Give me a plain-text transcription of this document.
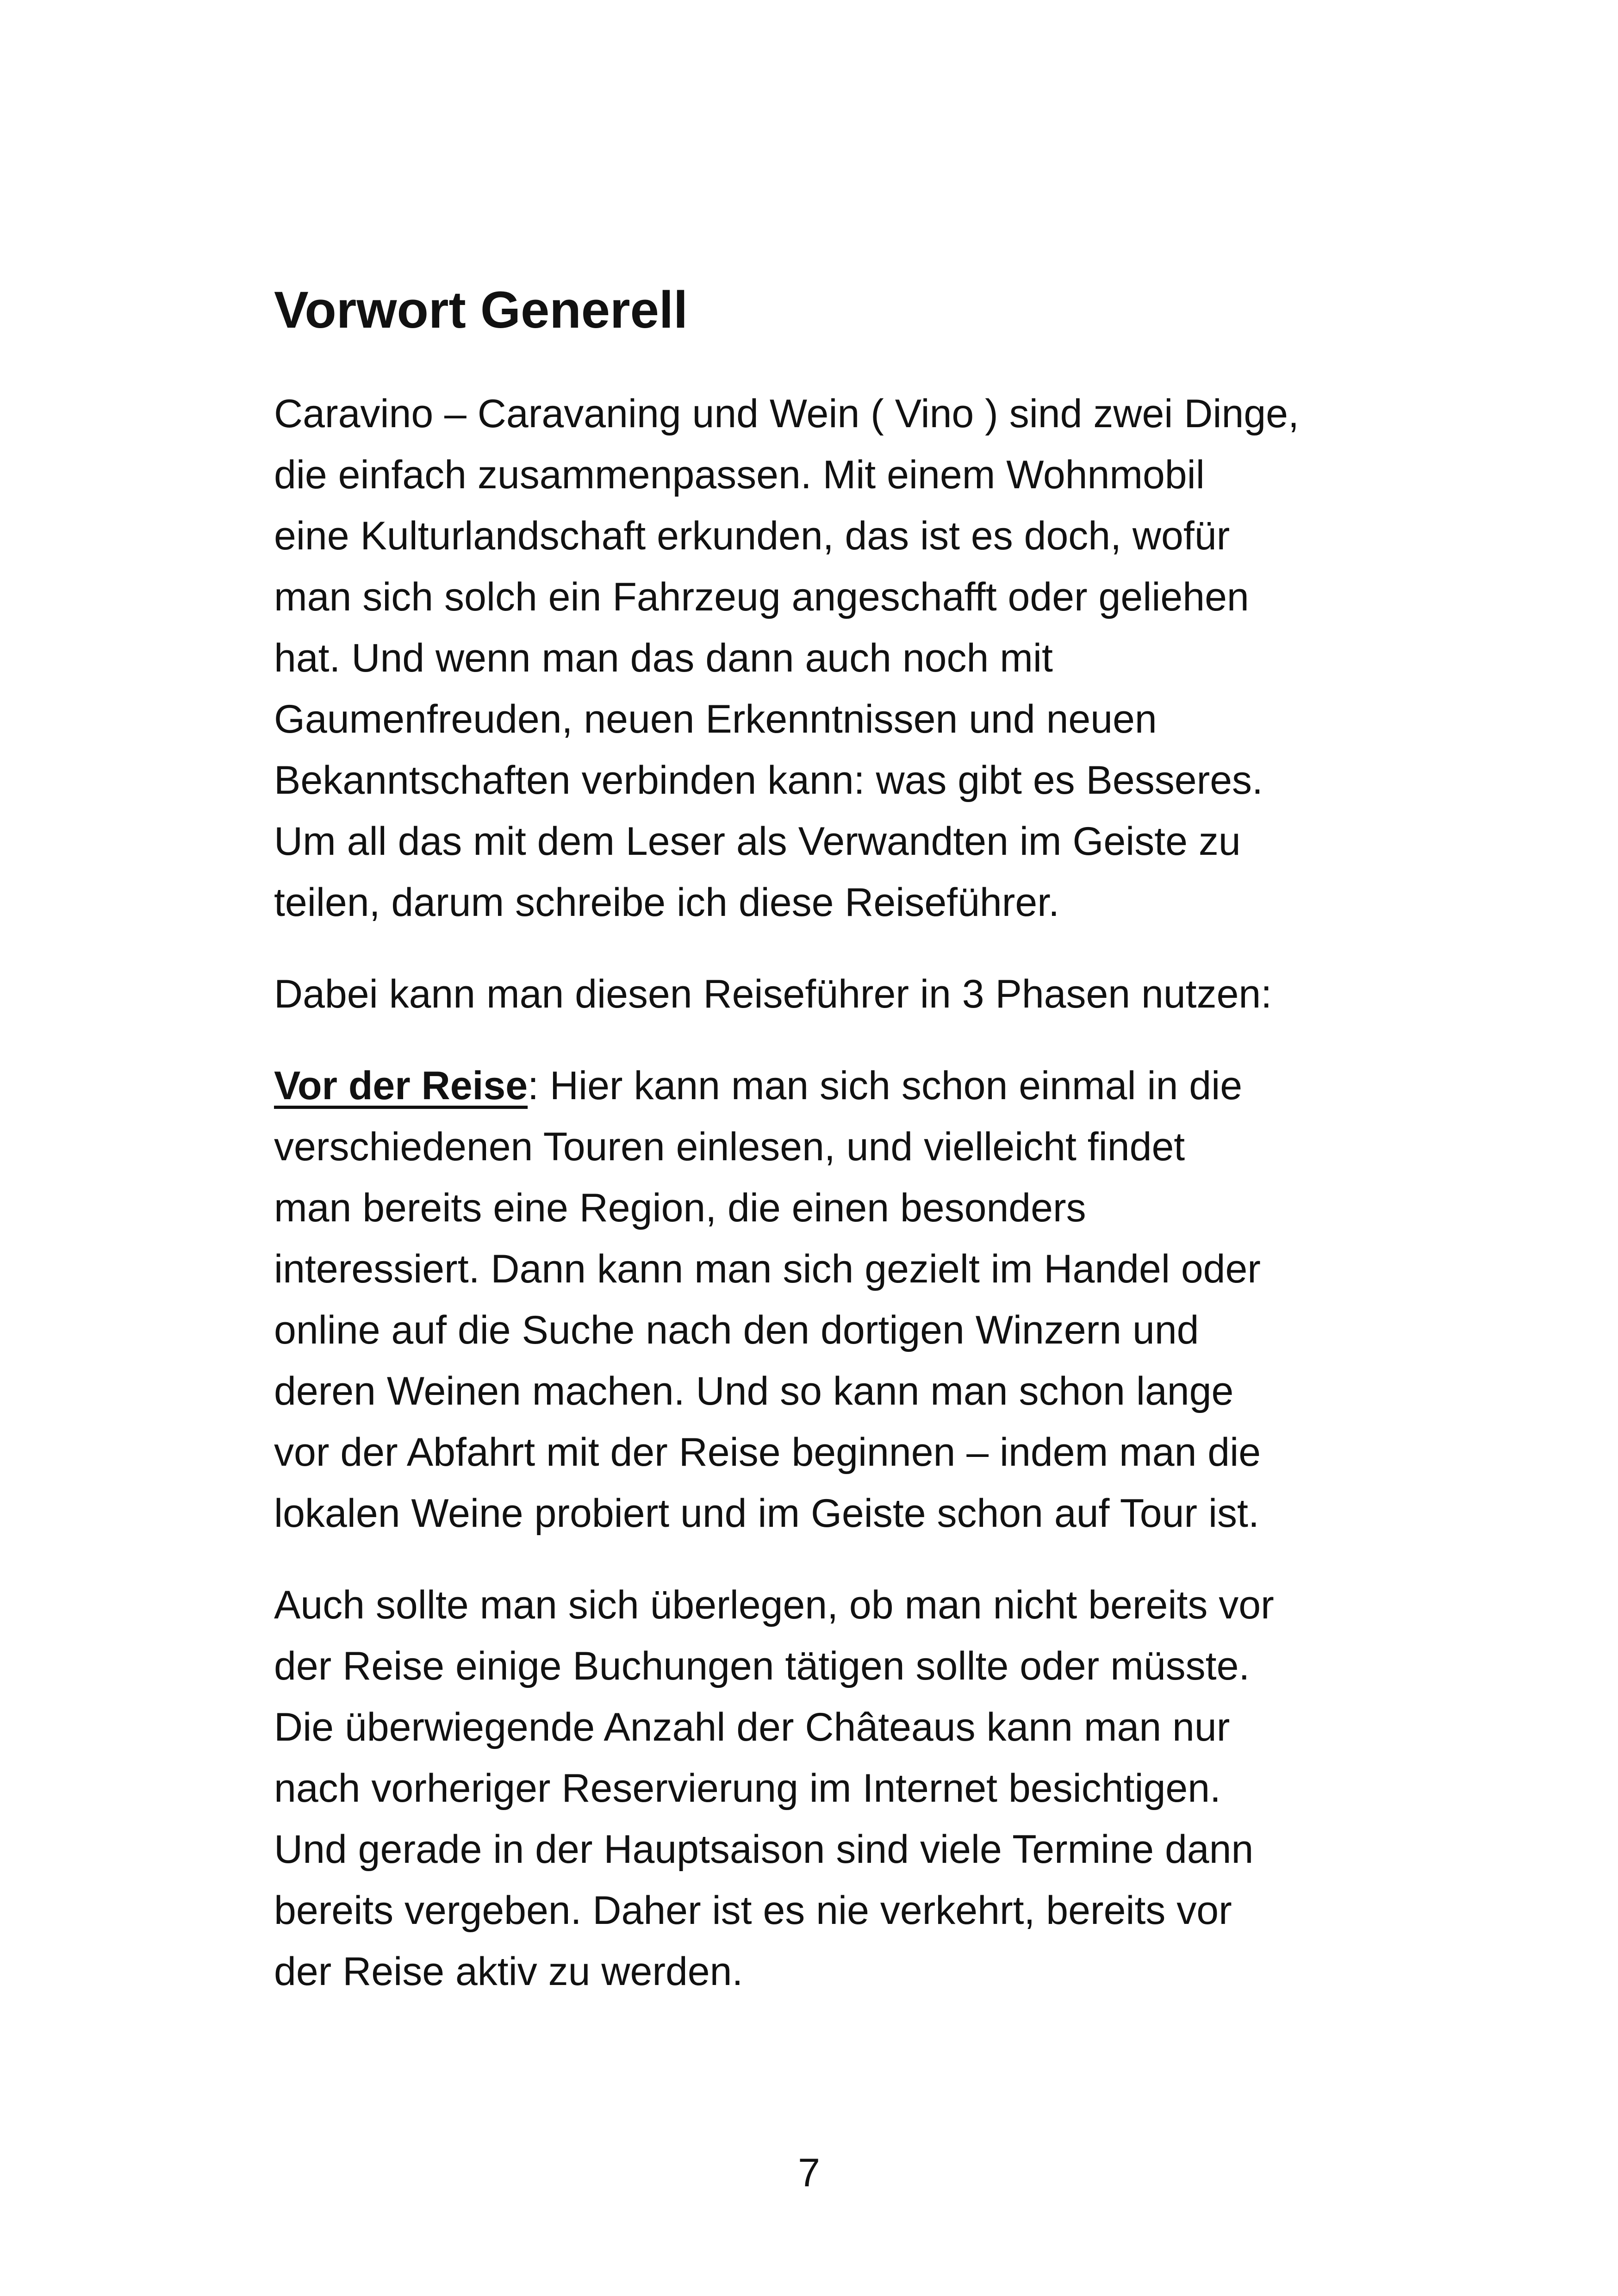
Vorwort Generell

Caravino – Caravaning und Wein ( Vino ) sind zwei Dinge,
die einfach zusammenpassen. Mit einem Wohnmobil
eine Kulturlandschaft erkunden, das ist es doch, wofür
man sich solch ein Fahrzeug angeschafft oder geliehen
hat. Und wenn man das dann auch noch mit
Gaumenfreuden, neuen Erkenntnissen und neuen
Bekanntschaften verbinden kann: was gibt es Besseres.
Um all das mit dem Leser als Verwandten im Geiste zu
teilen, darum schreibe ich diese Reiseführer.

Dabei kann man diesen Reiseführer in 3 Phasen nutzen:

Vor der Reise: Hier kann man sich schon einmal in die
verschiedenen Touren einlesen, und vielleicht findet
man bereits eine Region, die einen besonders
interessiert. Dann kann man sich gezielt im Handel oder
online auf die Suche nach den dortigen Winzern und
deren Weinen machen. Und so kann man schon lange
vor der Abfahrt mit der Reise beginnen – indem man die
lokalen Weine probiert und im Geiste schon auf Tour ist.

Auch sollte man sich überlegen, ob man nicht bereits vor
der Reise einige Buchungen tätigen sollte oder müsste.
Die überwiegende Anzahl der Châteaus kann man nur
nach vorheriger Reservierung im Internet besichtigen.
Und gerade in der Hauptsaison sind viele Termine dann
bereits vergeben. Daher ist es nie verkehrt, bereits vor
der Reise aktiv zu werden.

7
